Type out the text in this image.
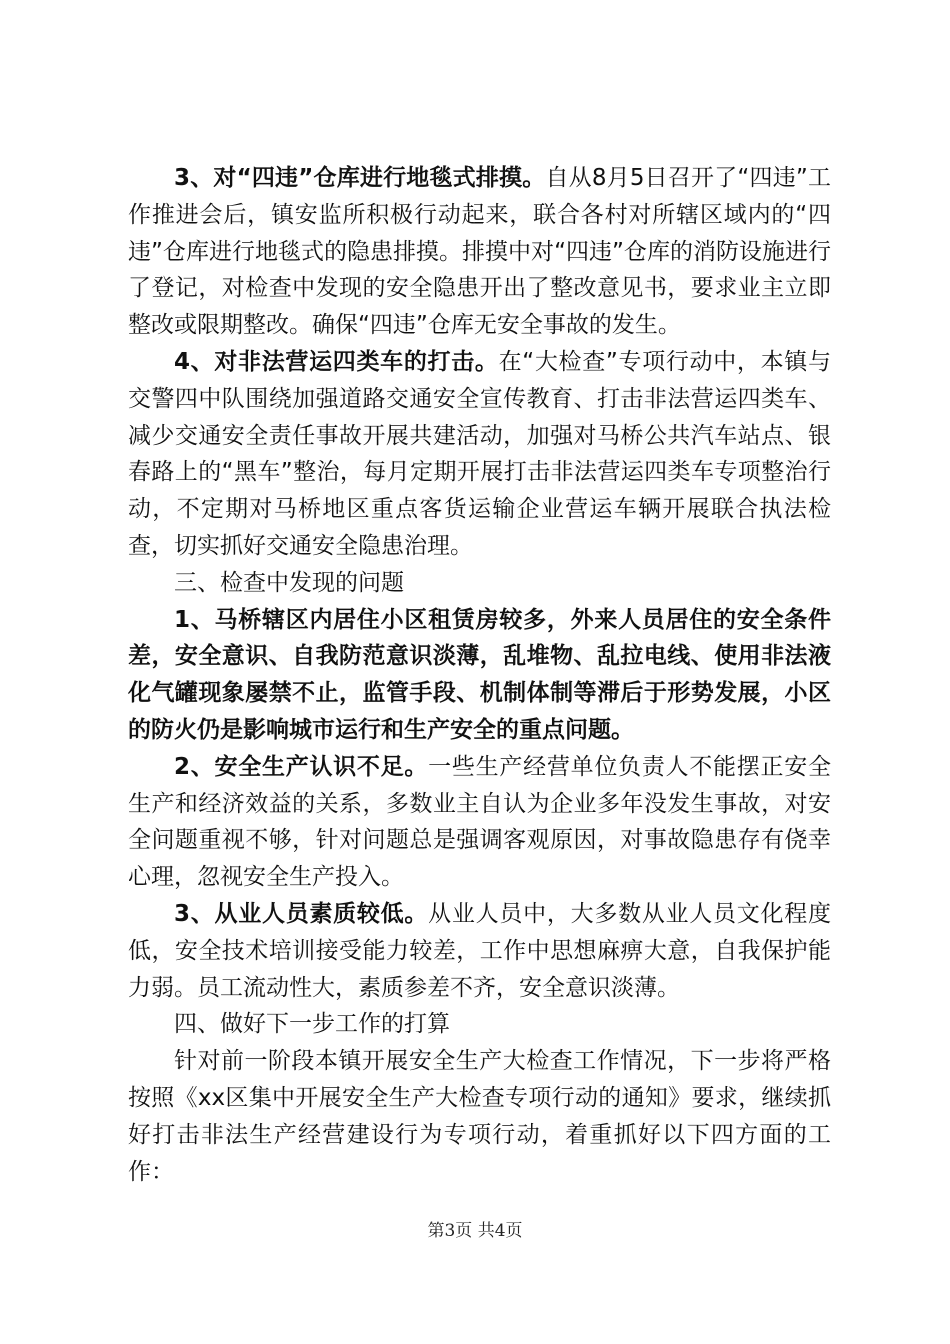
3、对“四违”仓库进行地毯式排摸。自从8月5日召开了“四违”工作推进会后，镇安监所积极行动起来，联合各村对所辖区域内的“四违”仓库进行地毯式的隐患排摸。排摸中对“四违”仓库的消防设施进行了登记，对检查中发现的安全隐患开出了整改意见书，要求业主立即整改或限期整改。确保“四违”仓库无安全事故的发生。

4、对非法营运四类车的打击。在“大检查”专项行动中，本镇与交警四中队围绕加强道路交通安全宣传教育、打击非法营运四类车、减少交通安全责任事故开展共建活动，加强对马桥公共汽车站点、银春路上的“黑车”整治，每月定期开展打击非法营运四类车专项整治行动，不定期对马桥地区重点客货运输企业营运车辆开展联合执法检查，切实抓好交通安全隐患治理。

三、检查中发现的问题

1、马桥辖区内居住小区租赁房较多，外来人员居住的安全条件差，安全意识、自我防范意识淡薄，乱堆物、乱拉电线、使用非法液化气罐现象屡禁不止，监管手段、机制体制等滞后于形势发展，小区的防火仍是影响城市运行和生产安全的重点问题。

2、安全生产认识不足。一些生产经营单位负责人不能摆正安全生产和经济效益的关系，多数业主自认为企业多年没发生事故，对安全问题重视不够，针对问题总是强调客观原因，对事故隐患存有侥幸心理，忽视安全生产投入。

3、从业人员素质较低。从业人员中，大多数从业人员文化程度低，安全技术培训接受能力较差，工作中思想麻痹大意，自我保护能力弱。员工流动性大，素质参差不齐，安全意识淡薄。

四、做好下一步工作的打算

针对前一阶段本镇开展安全生产大检查工作情况，下一步将严格按照《xx区集中开展安全生产大检查专项行动的通知》要求，继续抓好打击非法生产经营建设行为专项行动，着重抓好以下四方面的工作：

第3页 共4页
